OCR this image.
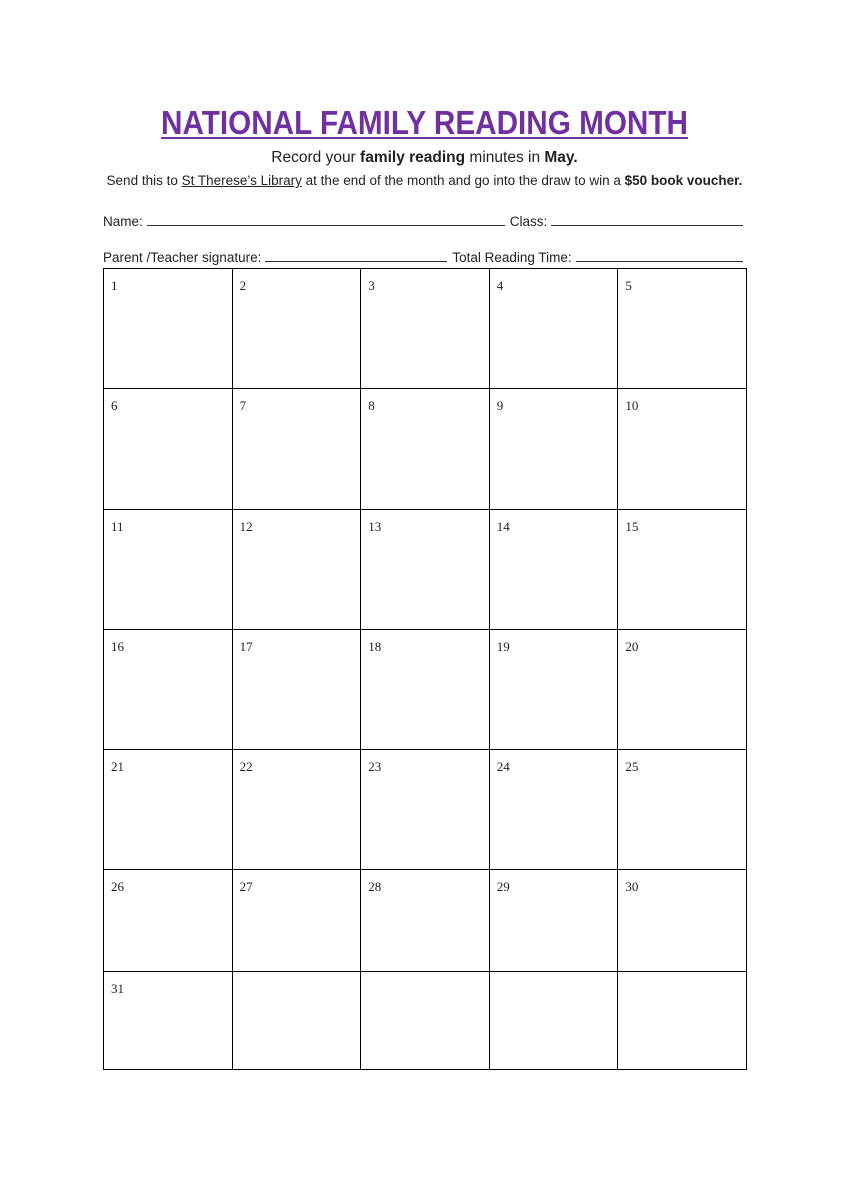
NATIONAL FAMILY READING MONTH
Record your family reading minutes in May.
Send this to St Therese’s Library at the end of the month and go into the draw to win a $50 book voucher.
Name:	Class:
Parent /Teacher signature:	Total Reading Time:
1	2	3	4	5
6	7	8	9	10
11	12	13	14	15
16	17	18	19	20
21	22	23	24	25
26	27	28	29	30
31				
